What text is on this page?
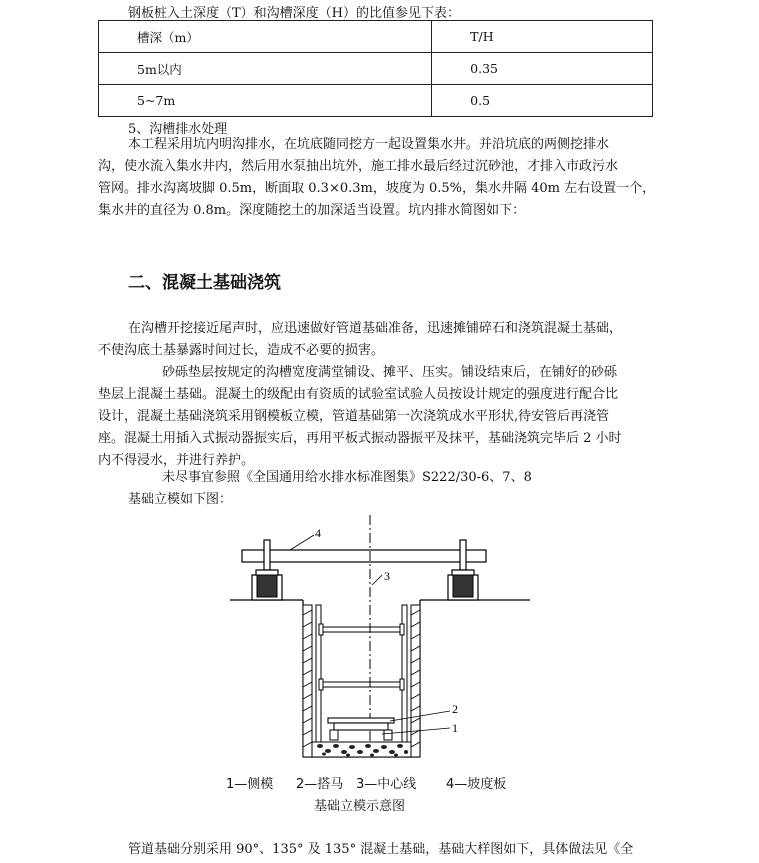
钢板桩入土深度（T）和沟槽深度（H）的比值参见下表：
槽深（m）	T/H
5m以内	0.35
5~7m	0.5
5、沟槽排水处理
本工程采用坑内明沟排水，在坑底随同挖方一起设置集水井。并沿坑底的两侧挖排水
沟，使水流入集水井内，然后用水泵抽出坑外，施工排水最后经过沉砂池，才排入市政污水
管网。排水沟离坡脚 0.5m，断面取 0.3×0.3m，坡度为 0.5%，集水井隔 40m 左右设置一个，
集水井的直径为 0.8m。深度随挖土的加深适当设置。坑内排水简图如下：
二、混凝土基础浇筑
在沟槽开挖接近尾声时，应迅速做好管道基础准备，迅速摊铺碎石和浇筑混凝土基础，
不使沟底土基暴露时间过长，造成不必要的损害。
砂砾垫层按规定的沟槽宽度满堂铺设、摊平、压实。铺设结束后，在铺好的砂砾
垫层上混凝土基础。混凝土的级配由有资质的试验室试验人员按设计规定的强度进行配合比
设计，混凝土基础浇筑采用钢模板立模，管道基础第一次浇筑成水平形状,待安管后再浇管
座。混凝土用插入式振动器振实后，再用平板式振动器振平及抹平，基础浇筑完毕后 2 小时
内不得浸水，并进行养护。
未尽事宜参照《全国通用给水排水标准图集》S222/30-6、7、8
基础立模如下图：
4
3
2
1
1—侧模 2—搭马 3—中心线 4—坡度板
基础立模示意图
管道基础分别采用 90°、135° 及 135° 混凝土基础，基础大样图如下，具体做法见《全
